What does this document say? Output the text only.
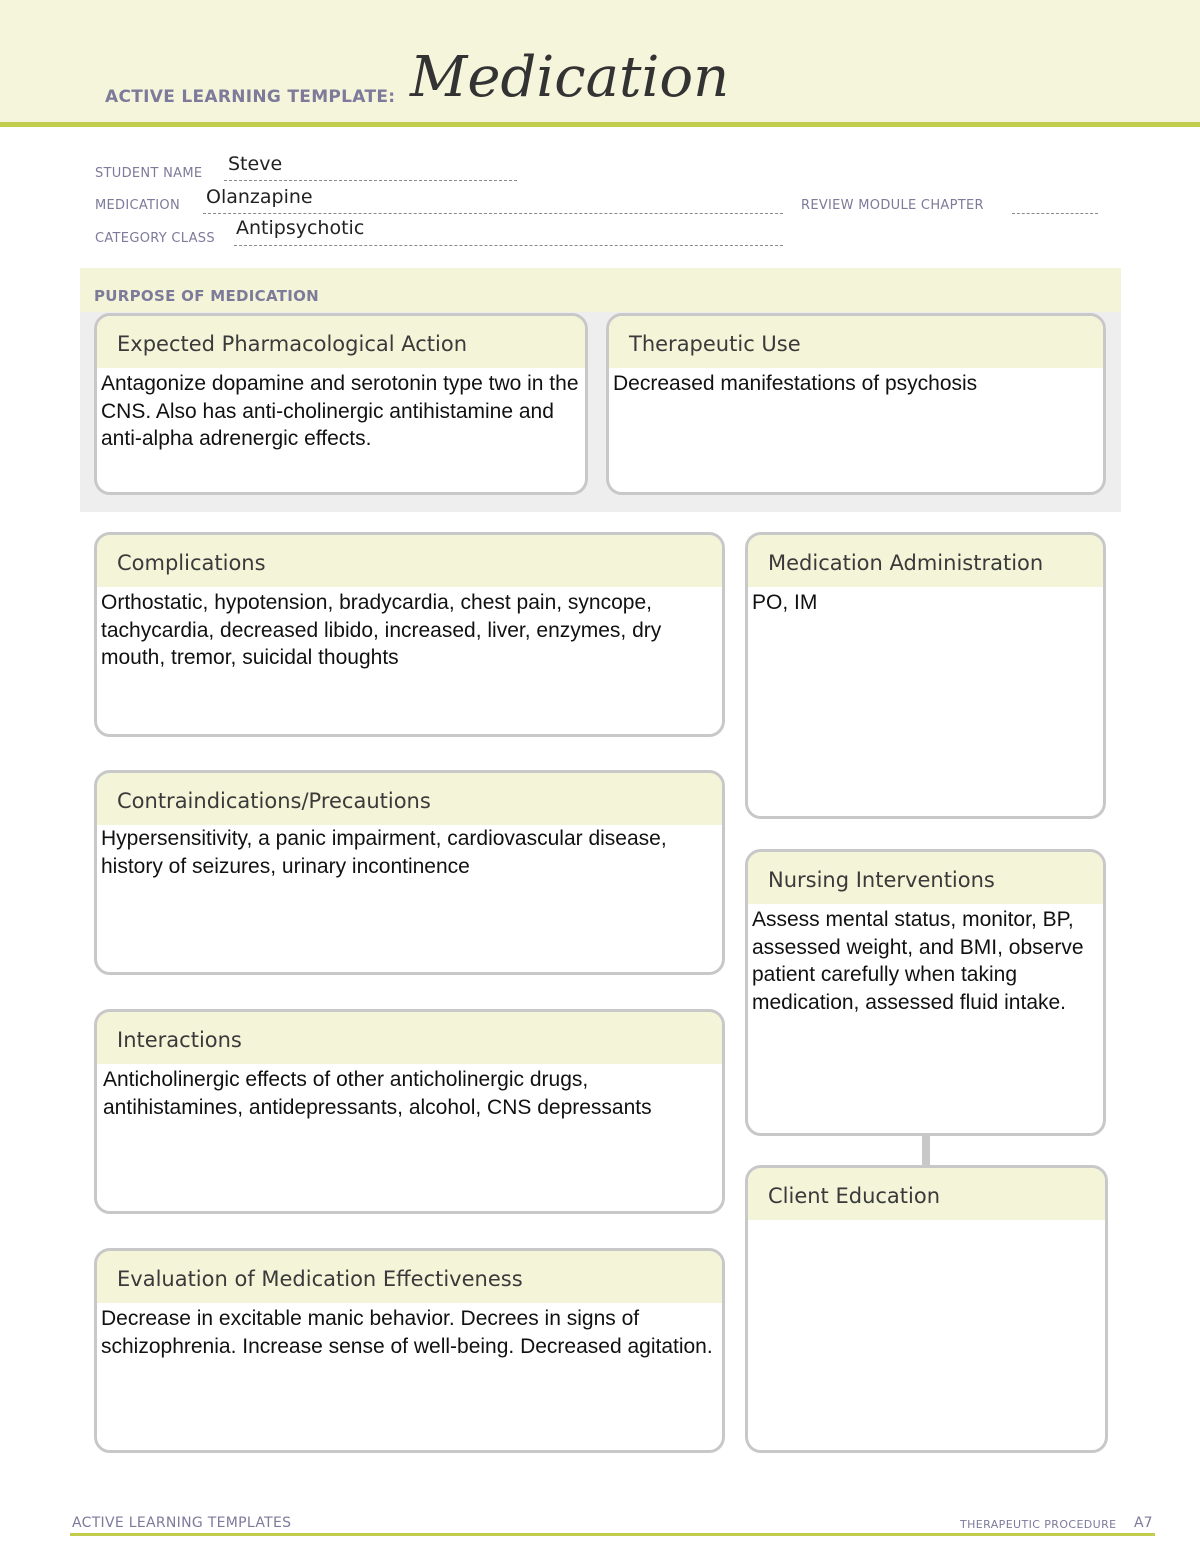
ACTIVE LEARNING TEMPLATE: Medication
STUDENT NAME Steve
MEDICATION Olanzapine	REVIEW MODULE CHAPTER
CATEGORY CLASS Antipsychotic
PURPOSE OF MEDICATION
Expected Pharmacological Action
Antagonize dopamine and serotonin type two in the CNS. Also has anti-cholinergic antihistamine and anti-alpha adrenergic effects.
Therapeutic Use
Decreased manifestations of psychosis
Complications
Orthostatic, hypotension, bradycardia, chest pain, syncope, tachycardia, decreased libido, increased, liver, enzymes, dry mouth, tremor, suicidal thoughts
Medication Administration
PO, IM
Contraindications/Precautions
Hypersensitivity, a panic impairment, cardiovascular disease, history of seizures, urinary incontinence
Nursing Interventions
Assess mental status, monitor, BP, assessed weight, and BMI, observe patient carefully when taking medication, assessed fluid intake.
Interactions
Anticholinergic effects of other anticholinergic drugs, antihistamines, antidepressants, alcohol, CNS depressants
Client Education
Evaluation of Medication Effectiveness
Decrease in excitable manic behavior. Decrees in signs of schizophrenia. Increase sense of well-being. Decreased agitation.
ACTIVE LEARNING TEMPLATES	THERAPEUTIC PROCEDURE A7
